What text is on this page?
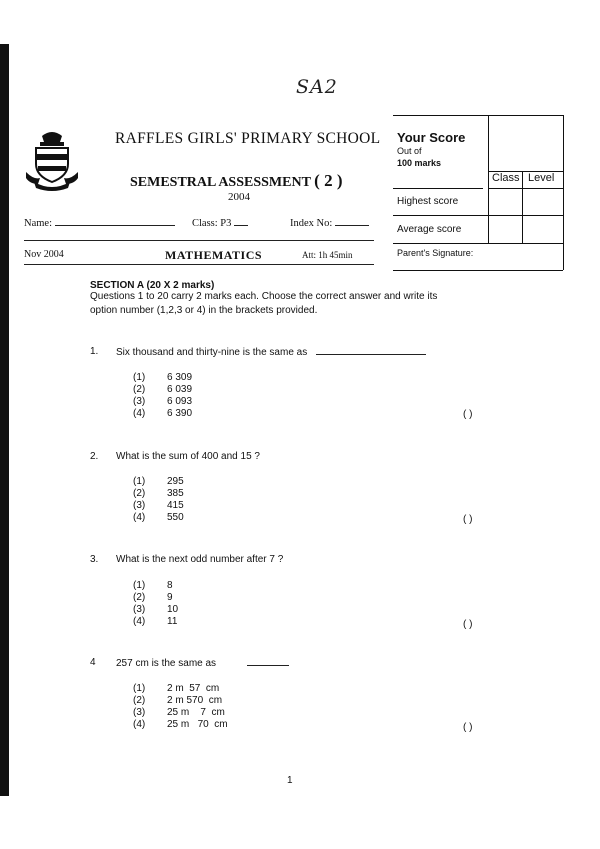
SA2
RAFFLES GIRLS' PRIMARY SCHOOL
SEMESTRAL ASSESSMENT ( 2 )
2004
Name:	Class: P3	Index No:
Nov 2004	MATHEMATICS	Att: 1h 45min
Your Score
Out of
100 marks
Class Level
Highest score
Average score
Parent's Signature:
SECTION A (20 X 2 marks)
Questions 1 to 20 carry 2 marks each. Choose the correct answer and write its
option number (1,2,3 or 4) in the brackets provided.
1. Six thousand and thirty-nine is the same as
(1) 6 309
(2) 6 039
(3) 6 093
(4) 6 390	( )
2. What is the sum of 400 and 15 ?
(1) 295
(2) 385
(3) 415
(4) 550	( )
3. What is the next odd number after 7 ?
(1) 8
(2) 9
(3) 10
(4) 11	( )
4 257 cm is the same as
(1) 2 m  57  cm
(2) 2 m 570  cm
(3) 25 m    7  cm
(4) 25 m   70  cm	( )
1
